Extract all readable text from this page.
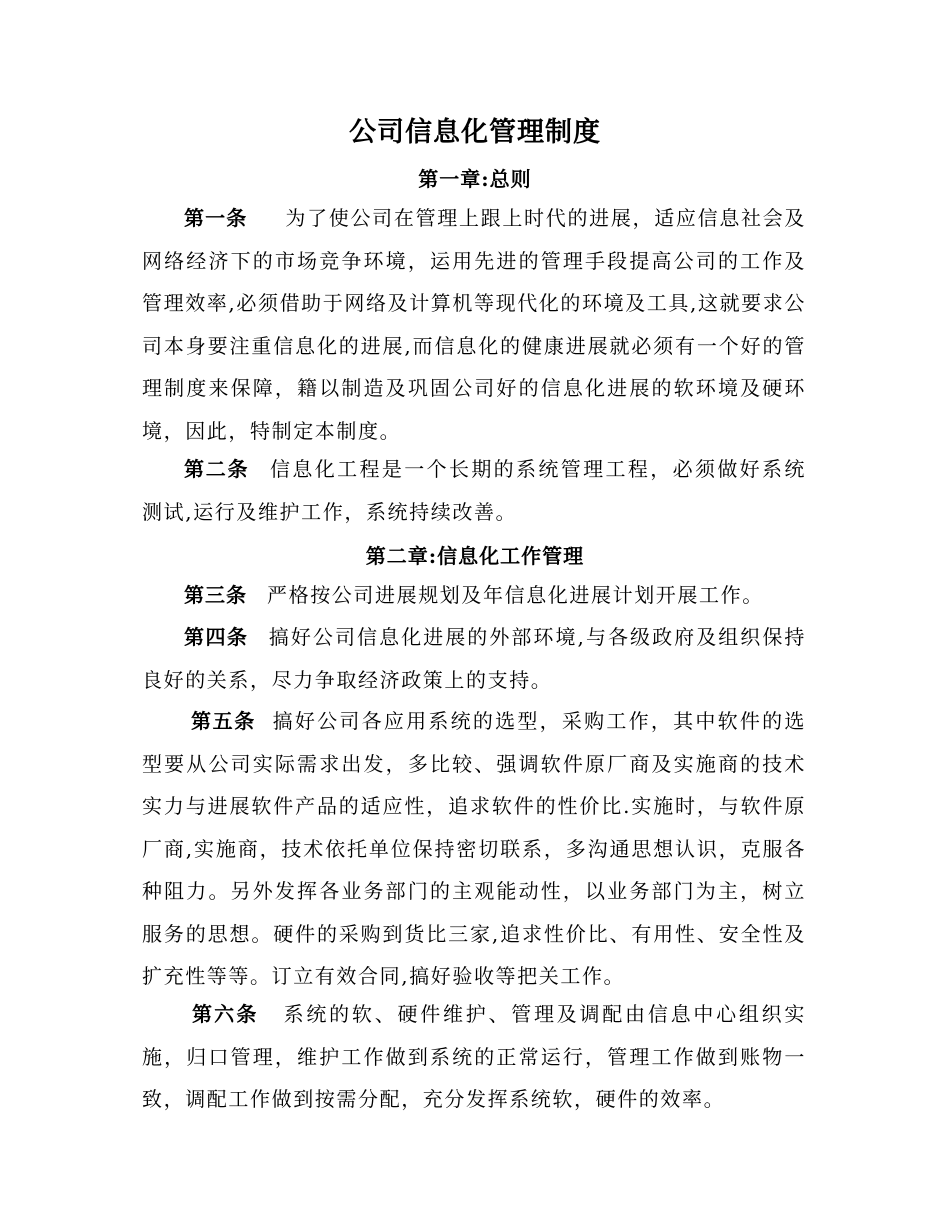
公司信息化管理制度
第一章:总则

第一条 为了使公司在管理上跟上时代的进展，适应信息社会及网络经济下的市场竞争环境，运用先进的管理手段提高公司的工作及管理效率,必须借助于网络及计算机等现代化的环境及工具,这就要求公司本身要注重信息化的进展,而信息化的健康进展就必须有一个好的管理制度来保障，籍以制造及巩固公司好的信息化进展的软环境及硬环境，因此，特制定本制度。

第二条 信息化工程是一个长期的系统管理工程，必须做好系统测试,运行及维护工作，系统持续改善。

第二章:信息化工作管理

第三条 严格按公司进展规划及年信息化进展计划开展工作。

第四条 搞好公司信息化进展的外部环境,与各级政府及组织保持良好的关系，尽力争取经济政策上的支持。

第五条 搞好公司各应用系统的选型，采购工作，其中软件的选型要从公司实际需求出发，多比较、强调软件原厂商及实施商的技术实力与进展软件产品的适应性，追求软件的性价比.实施时，与软件原厂商,实施商，技术依托单位保持密切联系，多沟通思想认识，克服各种阻力。另外发挥各业务部门的主观能动性，以业务部门为主，树立服务的思想。硬件的采购到货比三家,追求性价比、有用性、安全性及扩充性等等。订立有效合同,搞好验收等把关工作。

第六条 系统的软、硬件维护、管理及调配由信息中心组织实施，归口管理，维护工作做到系统的正常运行，管理工作做到账物一致，调配工作做到按需分配，充分发挥系统软，硬件的效率。
